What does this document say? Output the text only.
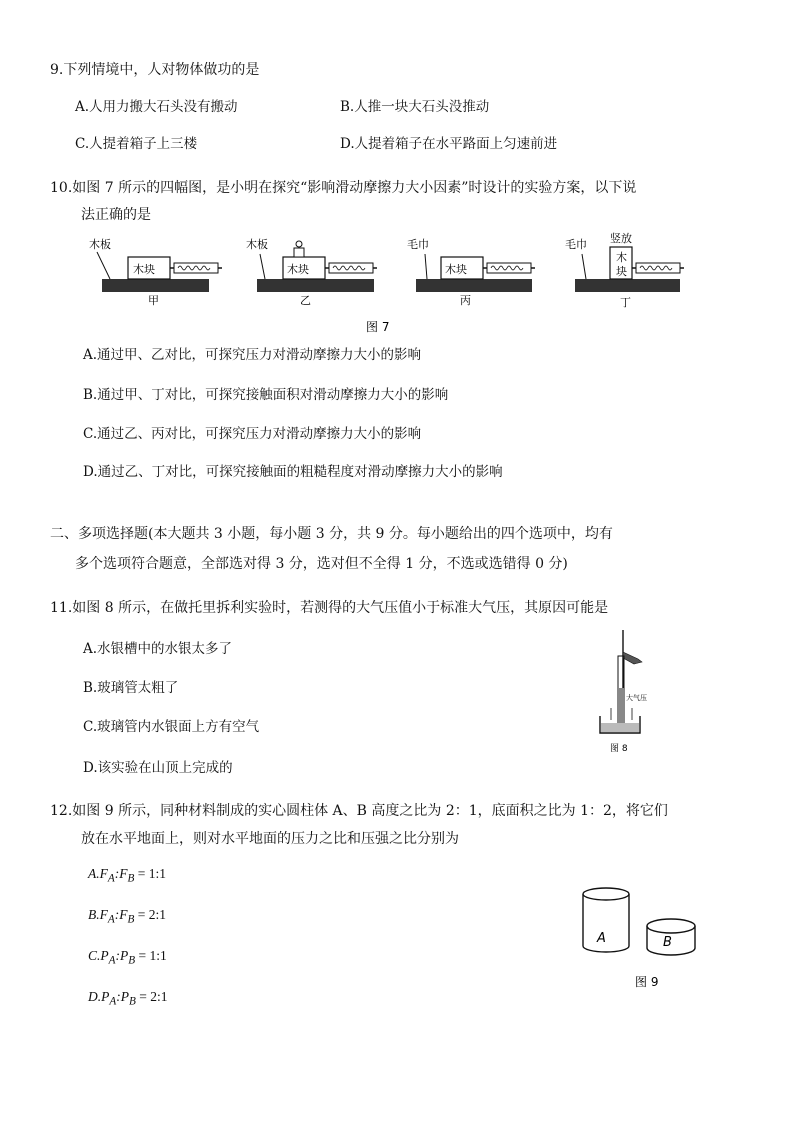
9.下列情境中，人对物体做功的是
A.人用力搬大石头没有搬动	B.人推一块大石头没推动
C.人提着箱子上三楼	D.人提着箱子在水平路面上匀速前进
10.如图 7 所示的四幅图，是小明在探究“影响滑动摩擦力大小因素”时设计的实验方案，以下说
法正确的是
木板
木块
甲
木板
木块
乙
毛巾
木块
丙
毛巾 竖放
木
块
丁
图 7
A.通过甲、乙对比，可探究压力对滑动摩擦力大小的影响
B.通过甲、丁对比，可探究接触面积对滑动摩擦力大小的影响
C.通过乙、丙对比，可探究压力对滑动摩擦力大小的影响
D.通过乙、丁对比，可探究接触面的粗糙程度对滑动摩擦力大小的影响
二、多项选择题(本大题共 3 小题，每小题 3 分，共 9 分。每小题给出的四个选项中，均有
多个选项符合题意，全部选对得 3 分，选对但不全得 1 分，不选或选错得 0 分)
11.如图 8 所示，在做托里拆利实验时，若测得的大气压值小于标准大气压，其原因可能是
A.水银槽中的水银太多了
B.玻璃管太粗了
C.玻璃管内水银面上方有空气
D.该实验在山顶上完成的
大气压
图 8
12.如图 9 所示，同种材料制成的实心圆柱体 A、B 高度之比为 2：1，底面积之比为 1：2，将它们
放在水平地面上，则对水平地面的压力之比和压强之比分别为
$A.F_A:F_B$ = 1:1
$B.F_A:F_B$ = 2:1
$C.P_A:P_B$ = 1:1
$D.P_A:P_B$ = 2:1
A	B
图 9
